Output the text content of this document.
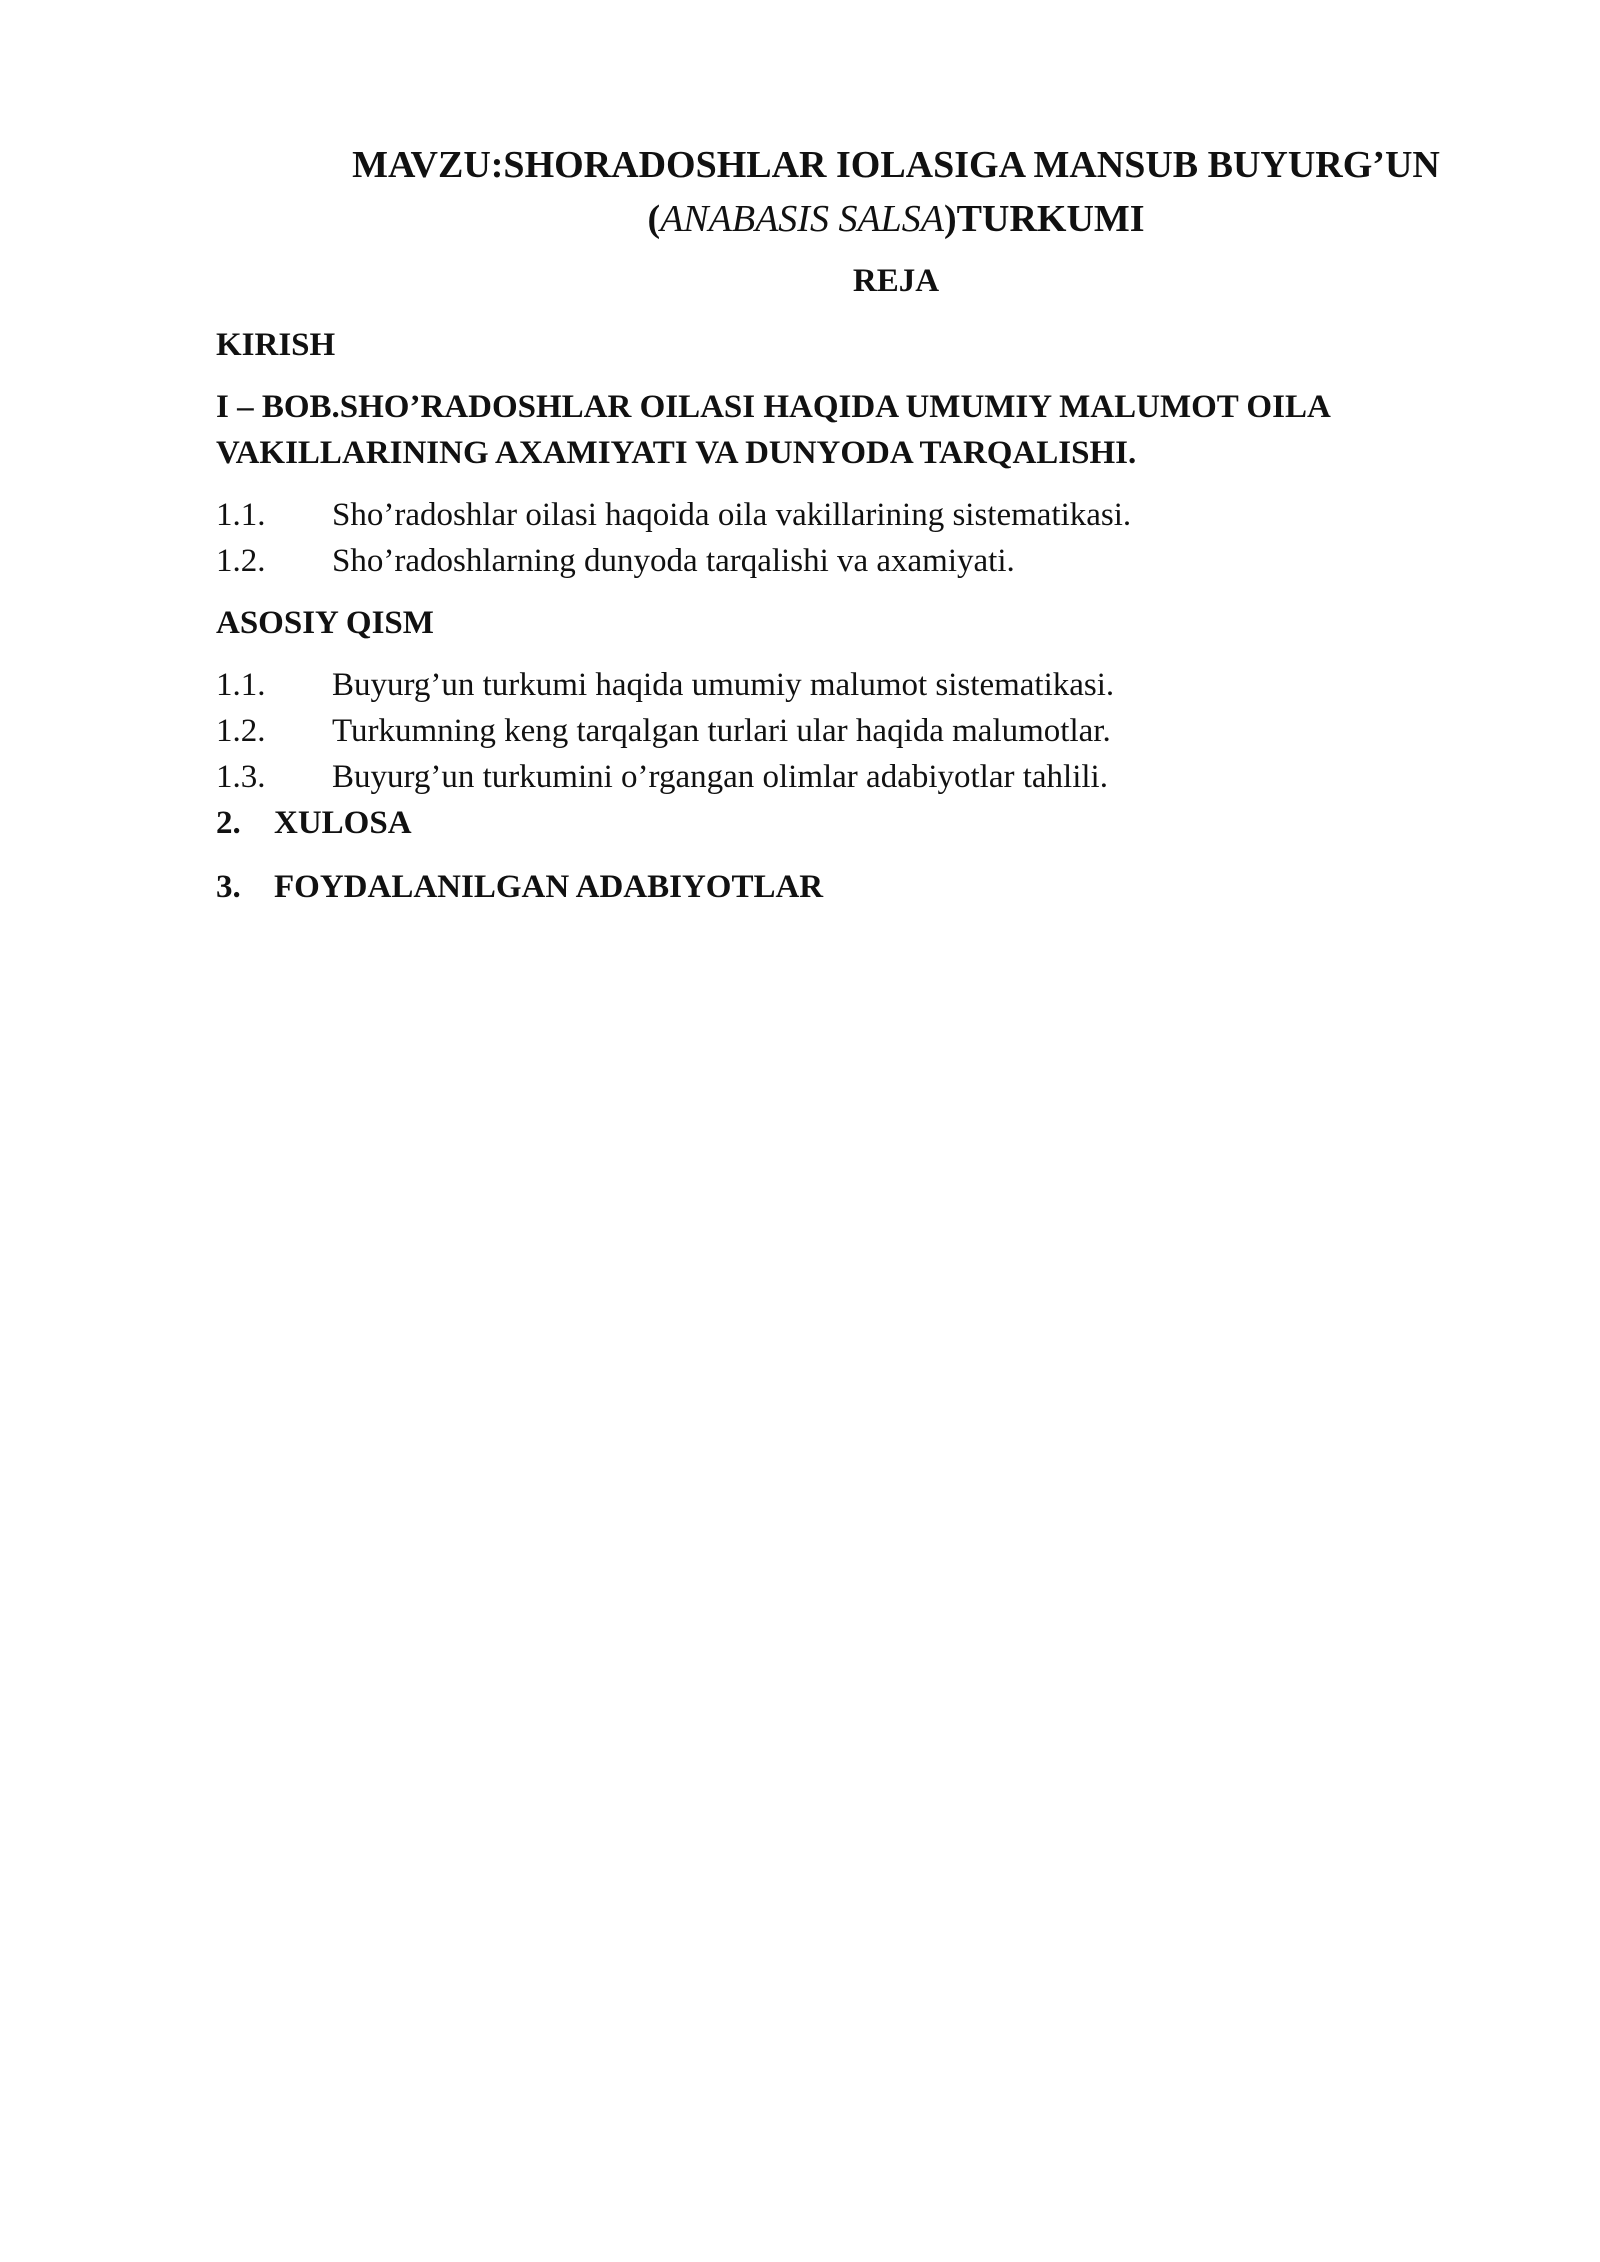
MAVZU:SHORADOSHLAR IOLASIGA MANSUB BUYURG’UN
(ANABASIS SALSA)TURKUMI
REJA
KIRISH
I – BOB.SHO’RADOSHLAR OILASI HAQIDA UMUMIY MALUMOT OILA VAKILLARINING AXAMIYATI VA DUNYODA TARQALISHI.
1.1.	Sho’radoshlar oilasi haqoida oila vakillarining sistematikasi.
1.2.	Sho’radoshlarning dunyoda tarqalishi va axamiyati.
ASOSIY QISM
1.1.	Buyurg’un turkumi haqida umumiy malumot sistematikasi.
1.2.	Turkumning keng tarqalgan turlari ular haqida malumotlar.
1.3.	Buyurg’un turkumini o’rgangan olimlar adabiyotlar tahlili.
2.	XULOSA
3.	FOYDALANILGAN ADABIYOTLAR
